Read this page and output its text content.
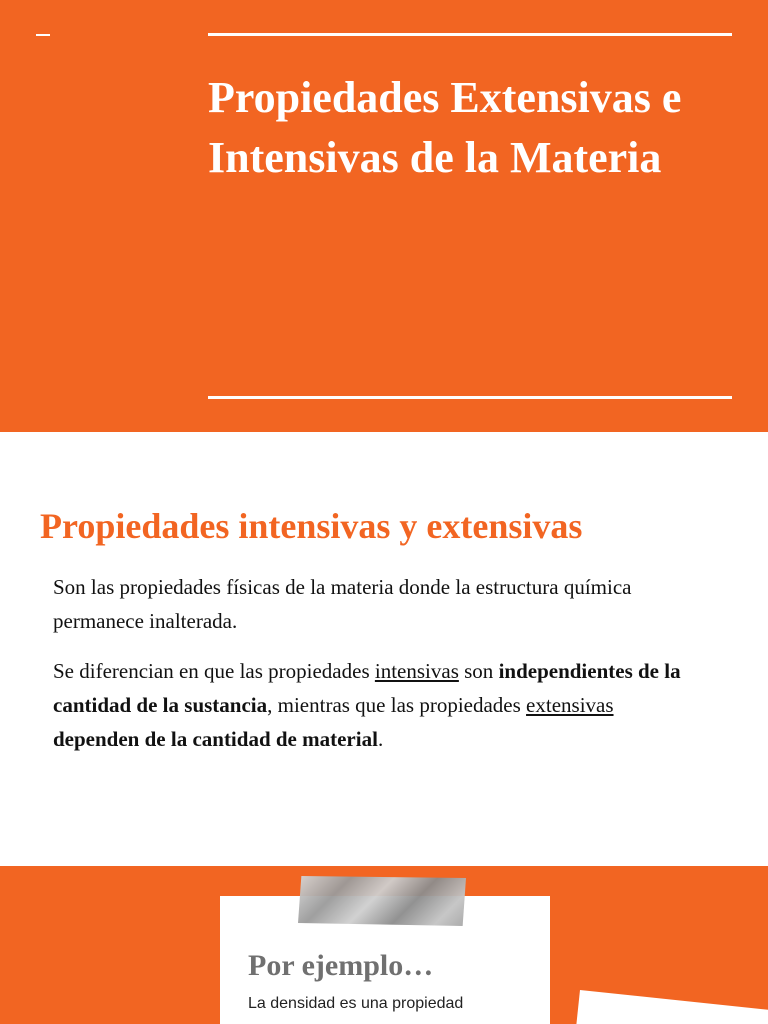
Propiedades Extensivas e Intensivas de la Materia
Propiedades intensivas y extensivas

Son las propiedades físicas de la materia donde la estructura química permanece inalterada.

Se diferencian en que las propiedades intensivas son independientes de la cantidad de la sustancia, mientras que las propiedades extensivas dependen de la cantidad de material.

Por ejemplo…
La densidad es una propiedad
